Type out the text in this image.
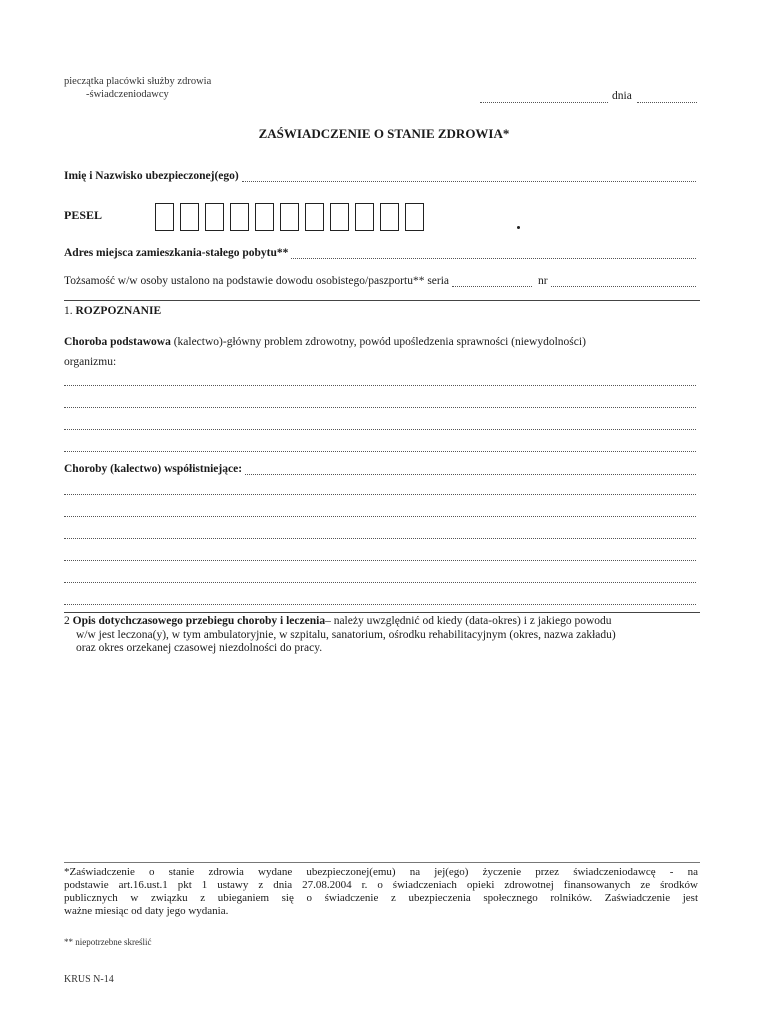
pieczątka placówki służby zdrowia
-świadczeniodawcy	dnia
ZAŚWIADCZENIE O STANIE ZDROWIA*
Imię i Nazwisko ubezpieczonej(ego)
PESEL
Adres miejsca zamieszkania-stałego pobytu**
Tożsamość w/w osoby ustalono na podstawie dowodu osobistego/paszportu** seria	nr
1. ROZPOZNANIE
Choroba podstawowa (kalectwo)-główny problem zdrowotny, powód upośledzenia sprawności (niewydolności)
organizmu:
Choroby (kalectwo) współistniejące:
2 Opis dotychczasowego przebiegu choroby i leczenia– należy uwzględnić od kiedy (data-okres) i z jakiego powodu
w/w jest leczona(y), w tym ambulatoryjnie, w szpitalu, sanatorium, ośrodku rehabilitacyjnym (okres, nazwa zakładu)
oraz okres orzekanej czasowej niezdolności do pracy.
*Zaświadczenie o stanie zdrowia wydane ubezpieczonej(emu) na jej(ego) życzenie przez świadczeniodawcę - na
podstawie art.16.ust.1 pkt 1 ustawy z dnia 27.08.2004 r. o świadczeniach opieki zdrowotnej finansowanych ze środków
publicznych w związku z ubieganiem się o świadczenie z ubezpieczenia społecznego rolników. Zaświadczenie jest
ważne miesiąc od daty jego wydania.
** niepotrzebne skreślić
KRUS N-14
